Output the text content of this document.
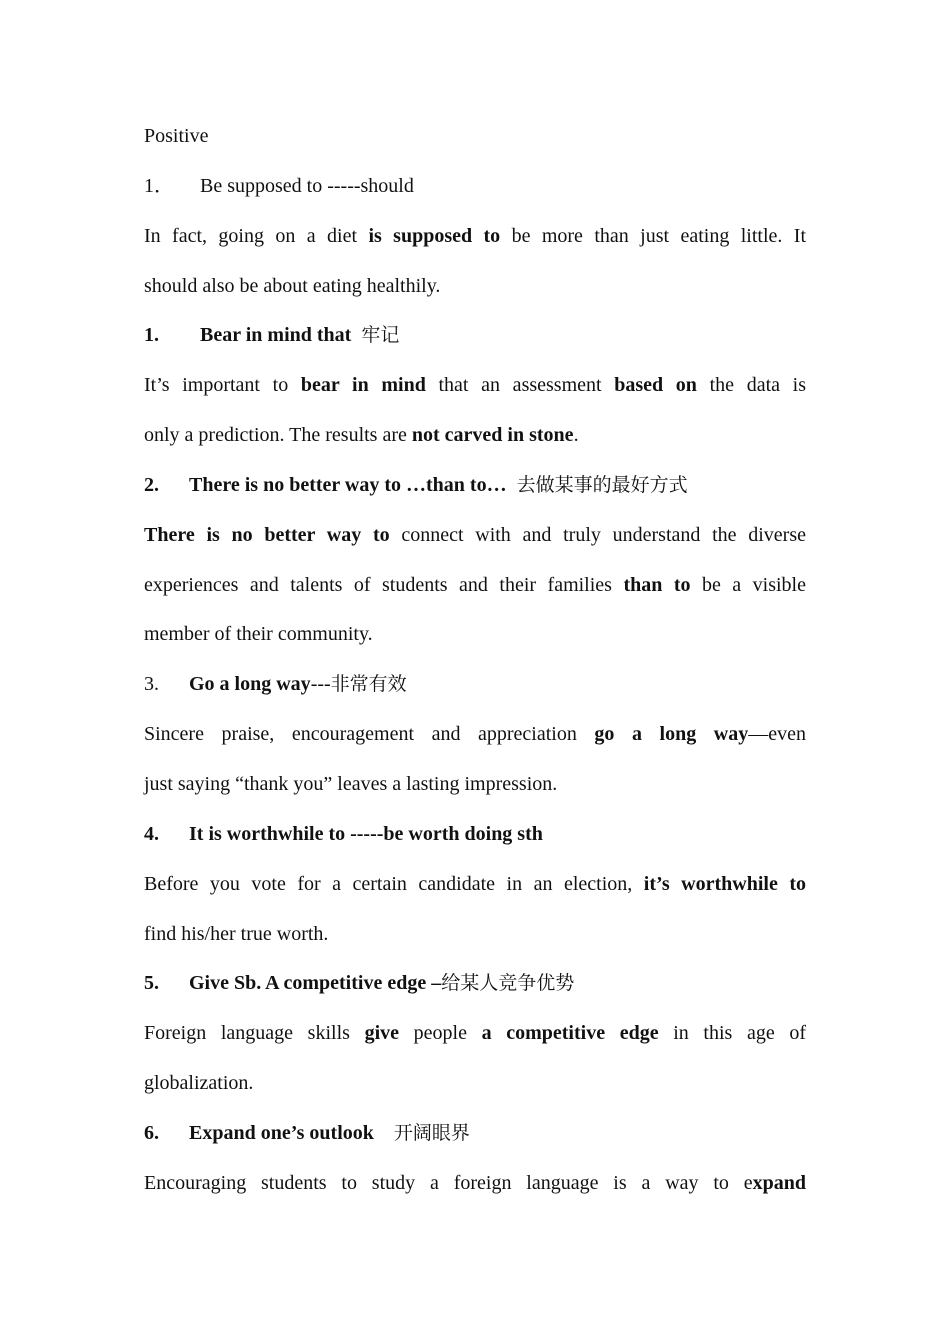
Positive
1． Be supposed to -----should
In fact, going on a diet is supposed to be more than just eating little. It
should also be about eating healthily.
1. Bear in mind that 牢记
It’s important to bear in mind that an assessment based on the data is
only a prediction. The results are not carved in stone.
2. There is no better way to …than to… 去做某事的最好方式
There is no better way to connect with and truly understand the diverse
experiences and talents of students and their families than to be a visible
member of their community.
3. Go a long way---非常有效
Sincere praise, encouragement and appreciation go a long way—even
just saying “thank you” leaves a lasting impression.
4. It is worthwhile to -----be worth doing sth
Before you vote for a certain candidate in an election, it’s worthwhile to
find his/her true worth.
5. Give Sb. A competitive edge –给某人竞争优势
Foreign language skills give people a competitive edge in this age of
globalization.
6. Expand one’s outlook 开阔眼界
Encouraging students to study a foreign language is a way to expand
